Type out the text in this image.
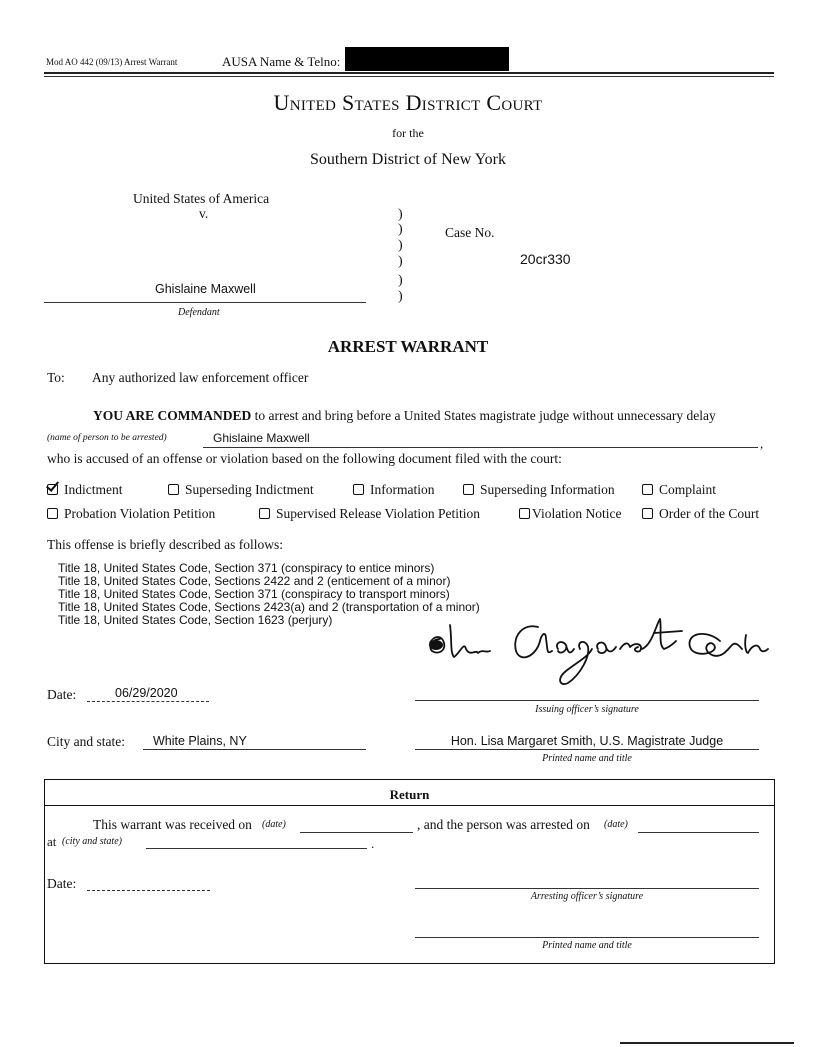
Mod AO 442 (09/13) Arrest Warrant	AUSA Name & Telno:
United States District Court
for the
Southern District of New York
United States of America
v.
Ghislaine Maxwell
Defendant
)
)
)
)
)
)
Case No.
20cr330
ARREST WARRANT
To: Any authorized law enforcement officer
YOU ARE COMMANDED to arrest and bring before a United States magistrate judge without unnecessary delay
(name of person to be arrested)	Ghislaine Maxwell	,
who is accused of an offense or violation based on the following document filed with the court:
Indictment	Superseding Indictment	Information	Superseding Information	Complaint
Probation Violation Petition	Supervised Release Violation Petition	Violation Notice	Order of the Court
This offense is briefly described as follows:
Title 18, United States Code, Section 371 (conspiracy to entice minors)
Title 18, United States Code, Sections 2422 and 2 (enticement of a minor)
Title 18, United States Code, Section 371 (conspiracy to transport minors)
Title 18, United States Code, Sections 2423(a) and 2 (transportation of a minor)
Title 18, United States Code, Section 1623 (perjury)
Date:	06/29/2020
Issuing officer’s signature
City and state: White Plains, NY	Hon. Lisa Margaret Smith, U.S. Magistrate Judge
Printed name and title
Return
This warrant was received on (date)	, and the person was arrested on (date)
at (city and state)	.
Date:
Arresting officer’s signature
Printed name and title
